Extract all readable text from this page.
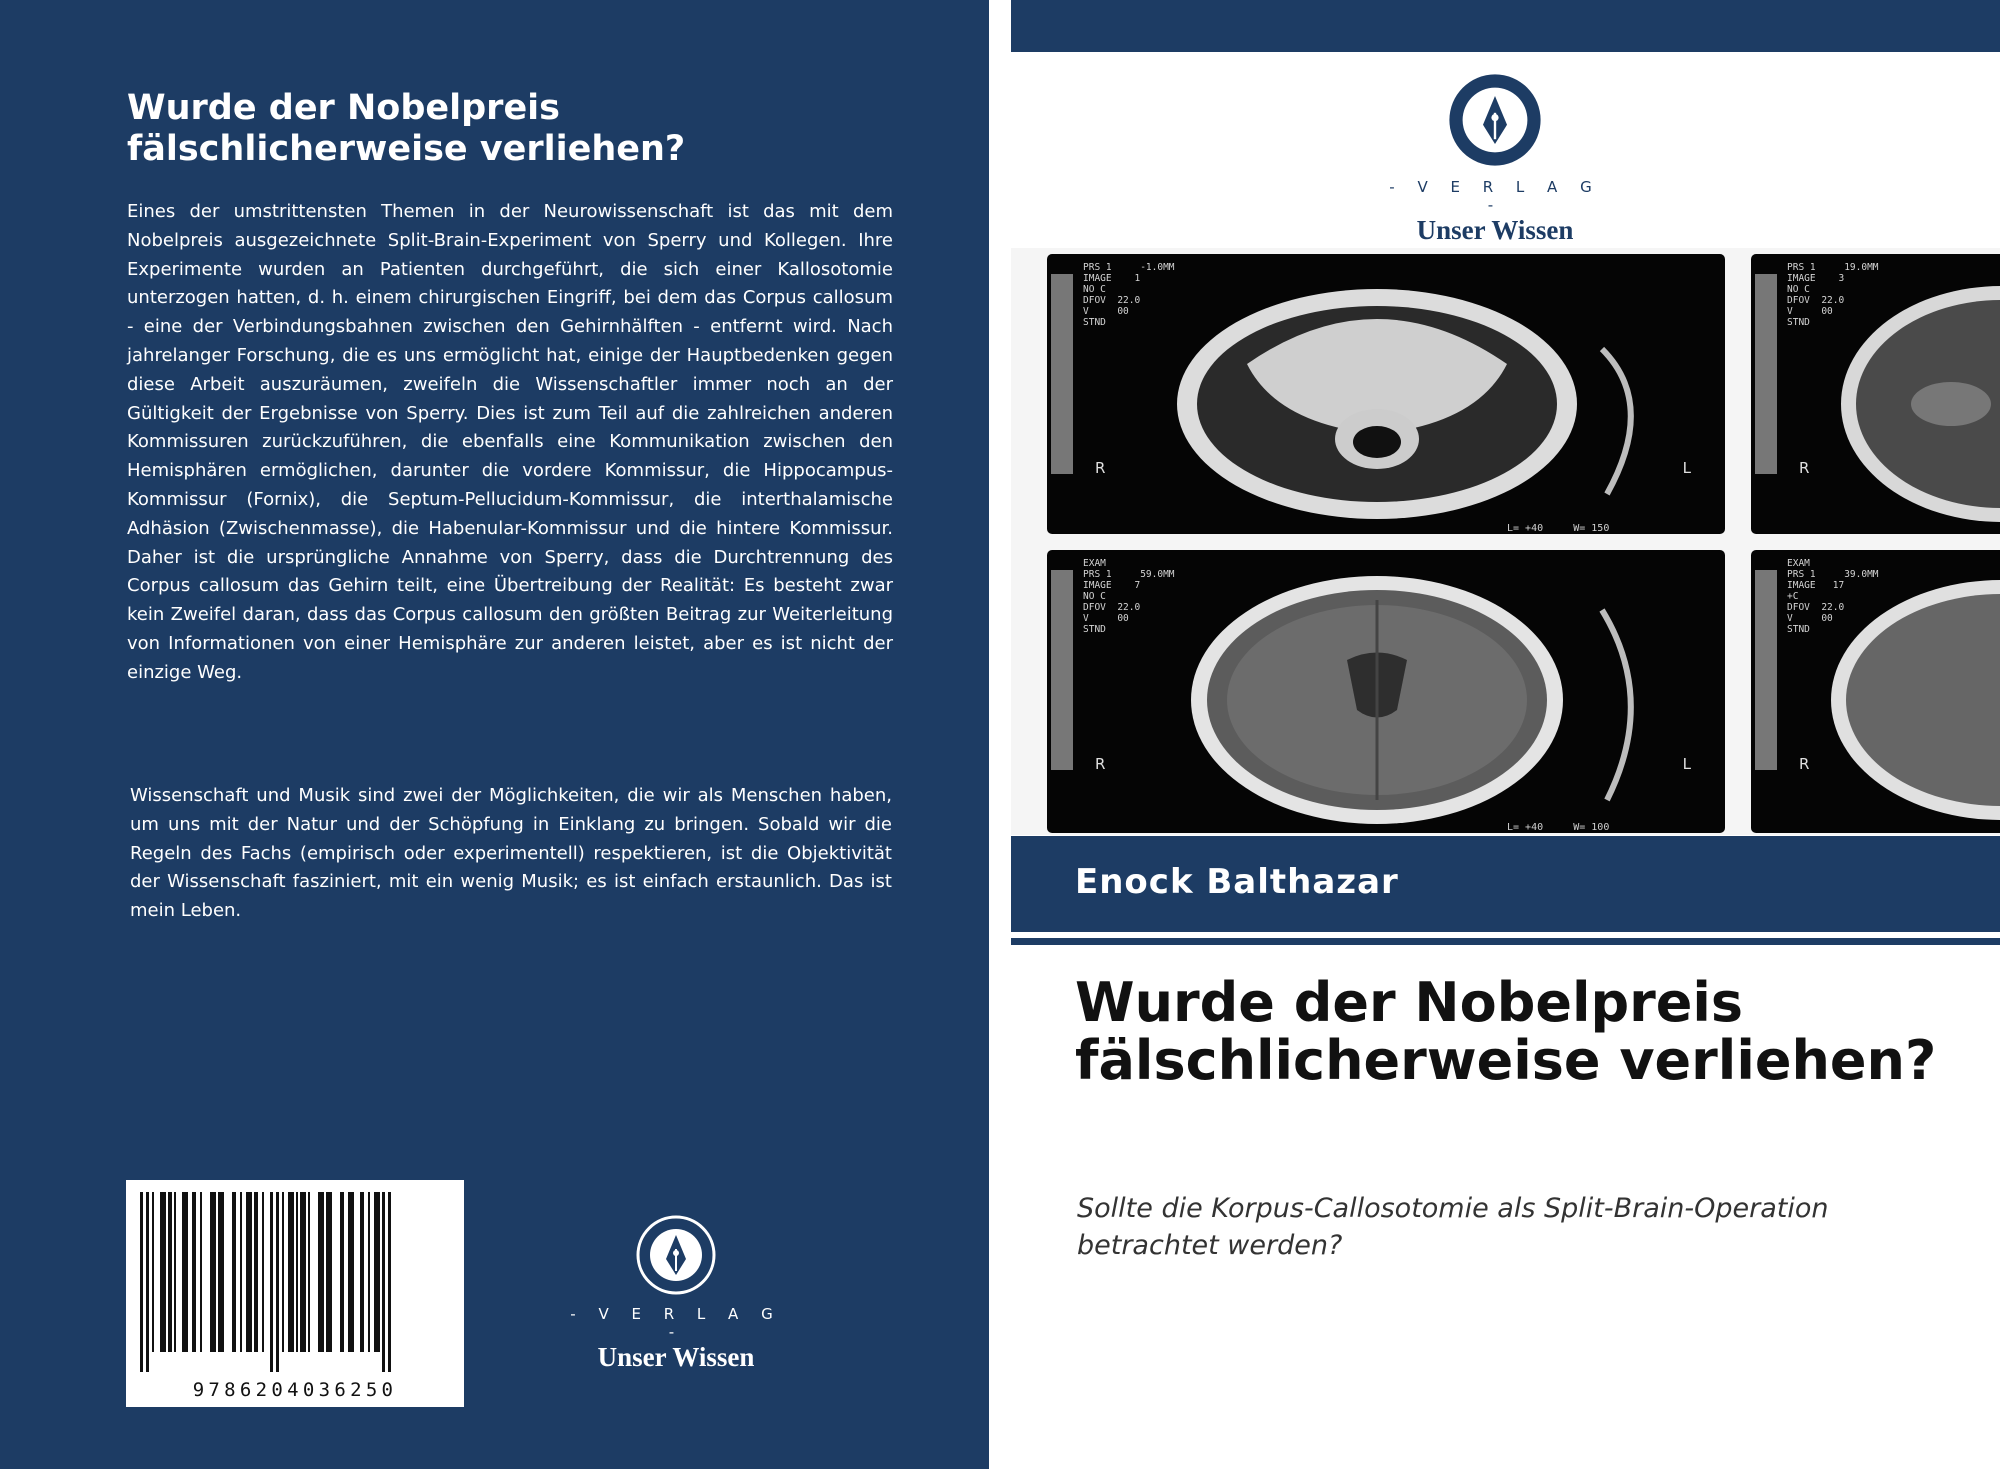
Wurde der Nobelpreis fälschlicherweise verliehen?

Eines der umstrittensten Themen in der Neurowissenschaft ist das mit dem Nobelpreis ausgezeichnete Split-Brain-Experiment von Sperry und Kollegen. Ihre Experimente wurden an Patienten durchgeführt, die sich einer Kallosotomie unterzogen hatten, d. h. einem chirurgischen Eingriff, bei dem das Corpus callosum - eine der Verbindungsbahnen zwischen den Gehirnhälften - entfernt wird. Nach jahrelanger Forschung, die es uns ermöglicht hat, einige der Hauptbedenken gegen diese Arbeit auszuräumen, zweifeln die Wissenschaftler immer noch an der Gültigkeit der Ergebnisse von Sperry. Dies ist zum Teil auf die zahlreichen anderen Kommissuren zurückzuführen, die ebenfalls eine Kommunikation zwischen den Hemisphären ermöglichen, darunter die vordere Kommissur, die Hippocampus-Kommissur (Fornix), die Septum-Pellucidum-Kommissur, die interthalamische Adhäsion (Zwischenmasse), die Habenular-Kommissur und die hintere Kommissur. Daher ist die ursprüngliche Annahme von Sperry, dass die Durchtrennung des Corpus callosum das Gehirn teilt, eine Übertreibung der Realität: Es besteht zwar kein Zweifel daran, dass das Corpus callosum den größten Beitrag zur Weiterleitung von Informationen von einer Hemisphäre zur anderen leistet, aber es ist nicht der einzige Weg.

Wissenschaft und Musik sind zwei der Möglichkeiten, die wir als Menschen haben, um uns mit der Natur und der Schöpfung in Einklang zu bringen. Sobald wir die Regeln des Fachs (empirisch oder experimentell) respektieren, ist die Objektivität der Wissenschaft fasziniert, mit ein wenig Musik; es ist einfach erstaunlich. Das ist mein Leben.

9786204036250
- V E R L A G -
Unser Wissen
- V E R L A G -
Unser Wissen
PRS 1     -1.0MM
IMAGE    1
NO C
DFOV  22.0
V     00
STND
R	L
L= +40     W= 150
PRS 1     19.0MM
IMAGE    3
NO C
DFOV  22.0
V     00
STND
R
EXAM
PRS 1     59.0MM
IMAGE    7
NO C
DFOV  22.0
V     00
STND
R	L
L= +40     W= 100
EXAM
PRS 1     39.0MM
IMAGE   17
+C
DFOV  22.0
V     00
STND
R
Enock Balthazar
Wurde der Nobelpreis fälschlicherweise verliehen?

Sollte die Korpus-Callosotomie als Split-Brain-Operation betrachtet werden?
